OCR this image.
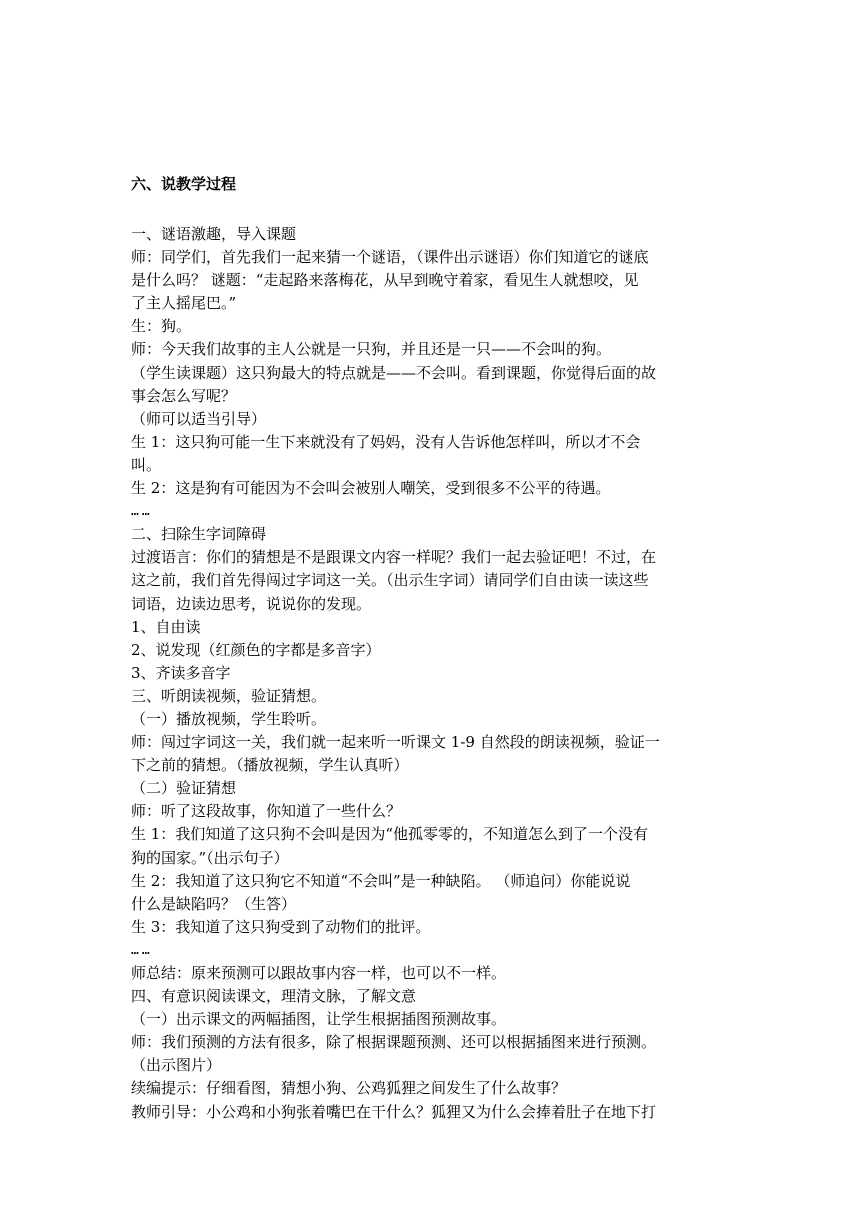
六、说教学过程
一、谜语激趣，导入课题
师：同学们，首先我们一起来猜一个谜语，（课件出示谜语）你们知道它的谜底
是什么吗？ 谜题：“走起路来落梅花，从早到晚守着家，看见生人就想咬，见
了主人摇尾巴。”
生：狗。
师：今天我们故事的主人公就是一只狗，并且还是一只——不会叫的狗。
（学生读课题）这只狗最大的特点就是——不会叫。看到课题，你觉得后面的故
事会怎么写呢？
（师可以适当引导）
生 1：这只狗可能一生下来就没有了妈妈，没有人告诉他怎样叫，所以才不会
叫。
生 2：这是狗有可能因为不会叫会被别人嘲笑，受到很多不公平的待遇。
……
二、扫除生字词障碍
过渡语言：你们的猜想是不是跟课文内容一样呢？我们一起去验证吧！不过，在
这之前，我们首先得闯过字词这一关。（出示生字词）请同学们自由读一读这些
词语，边读边思考，说说你的发现。
1、自由读
2、说发现（红颜色的字都是多音字）
3、齐读多音字
三、听朗读视频，验证猜想。
（一）播放视频，学生聆听。
师：闯过字词这一关，我们就一起来听一听课文 1-9 自然段的朗读视频，验证一
下之前的猜想。（播放视频，学生认真听）
（二）验证猜想
师：听了这段故事，你知道了一些什么？
生 1：我们知道了这只狗不会叫是因为“他孤零零的，不知道怎么到了一个没有
狗的国家。”（出示句子）
生 2：我知道了这只狗它不知道“不会叫”是一种缺陷。 （师追问）你能说说
什么是缺陷吗？（生答）
生 3：我知道了这只狗受到了动物们的批评。
……
师总结：原来预测可以跟故事内容一样，也可以不一样。
四、有意识阅读课文，理清文脉，了解文意
（一）出示课文的两幅插图，让学生根据插图预测故事。
师：我们预测的方法有很多，除了根据课题预测、还可以根据插图来进行预测。
（出示图片）
续编提示：仔细看图，猜想小狗、公鸡狐狸之间发生了什么故事？
教师引导：小公鸡和小狗张着嘴巴在干什么？狐狸又为什么会捧着肚子在地下打
